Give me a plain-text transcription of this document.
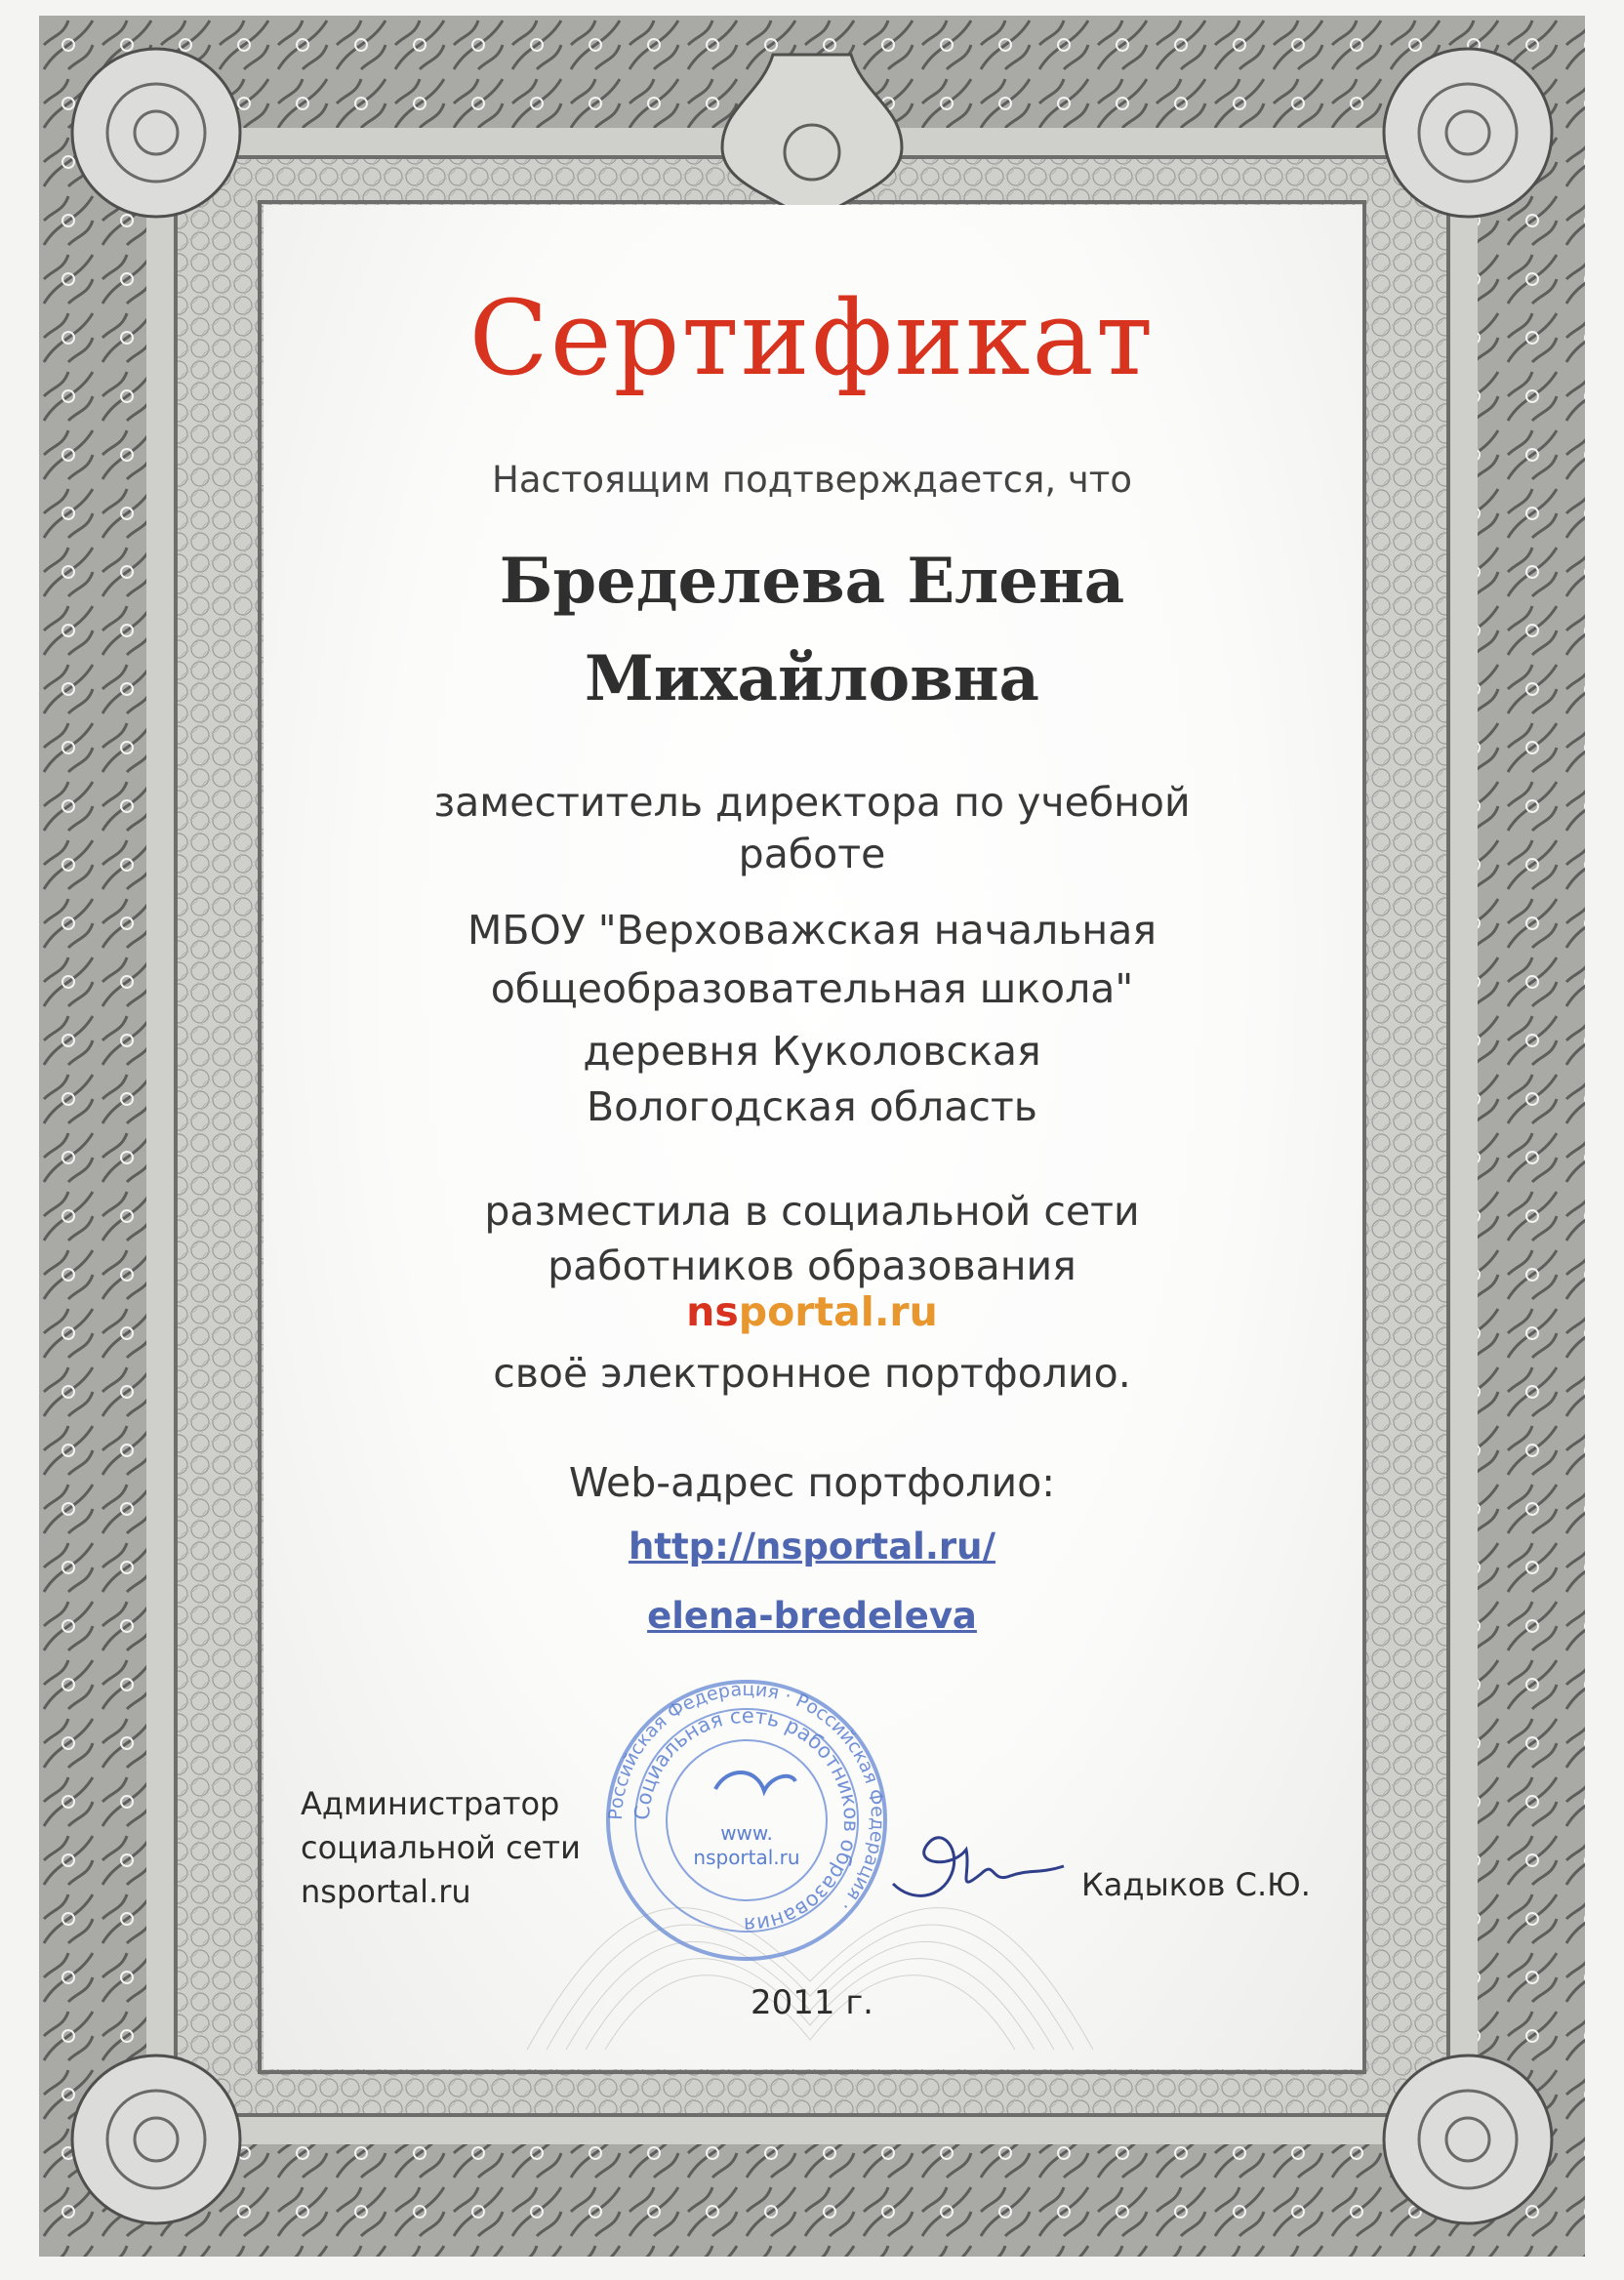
Сертификат
Настоящим подтверждается, что
Бределева Елена
Михайловна
заместитель директора по учебной
работе
МБОУ "Верховажская начальная
общеобразовательная школа"
деревня Куколовская
Вологодская область
разместила в социальной сети
работников образования
nsportal.ru
своё электронное портфолио.
Web-адрес портфолио:
http://nsportal.ru/
elena-bredeleva
Российская Федерация · Российская Федерация ·
Социальная сеть работников образования
www.
nsportal.ru
Администратор
социальной сети
nsportal.ru	Кадыков С.Ю.
2011 г.
